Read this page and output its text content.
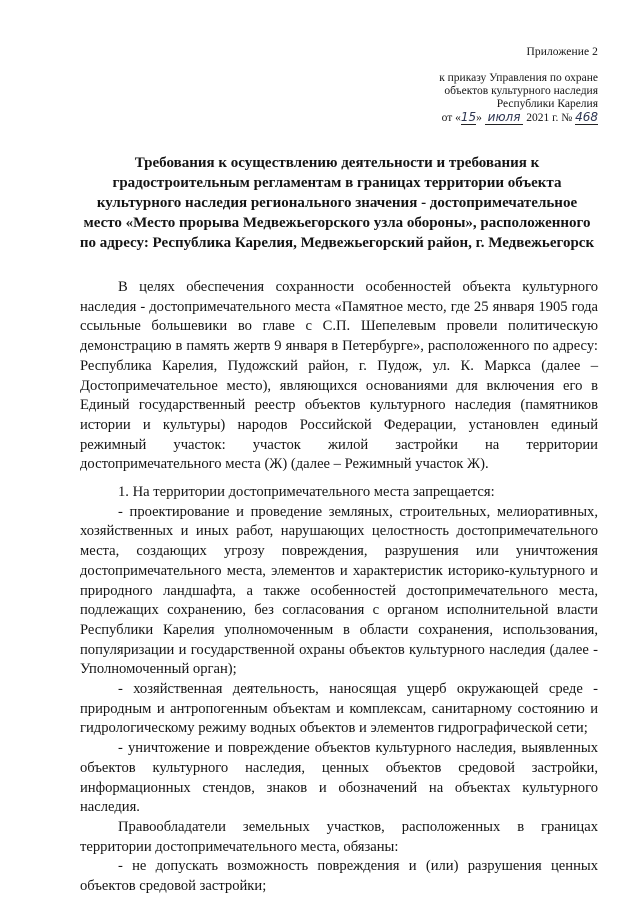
Приложение 2
к приказу Управления по охране
объектов культурного наследия
Республики Карелия
от «15» июля 2021 г. № 468
Требования к осуществлению деятельности и требования к градостроительным регламентам в границах территории объекта культурного наследия регионального значения - достопримечательное место «Место прорыва Медвежьегорского узла обороны», расположенного по адресу: Республика Карелия, Медвежьегорский район, г. Медвежьегорск

В целях обеспечения сохранности особенностей объекта культурного наследия - достопримечательного места «Памятное место, где 25 января 1905 года ссыльные большевики во главе с С.П. Шепелевым провели политическую демонстрацию в память жертв 9 января в Петербурге», расположенного по адресу: Республика Карелия, Пудожский район, г. Пудож, ул. К. Маркса (далее – Достопримечательное место), являющихся основаниями для включения его в Единый государственный реестр объектов культурного наследия (памятников истории и культуры) народов Российской Федерации, установлен единый режимный участок: участок жилой застройки на территории достопримечательного места (Ж) (далее – Режимный участок Ж).

1. На территории достопримечательного места запрещается:

- проектирование и проведение земляных, строительных, мелиоративных, хозяйственных и иных работ, нарушающих целостность достопримечательного места, создающих угрозу повреждения, разрушения или уничтожения достопримечательного места, элементов и характеристик историко-культурного и природного ландшафта, а также особенностей достопримечательного места, подлежащих сохранению, без согласования с органом исполнительной власти Республики Карелия уполномоченным в области сохранения, использования, популяризации и государственной охраны объектов культурного наследия (далее - Уполномоченный орган);

- хозяйственная деятельность, наносящая ущерб окружающей среде - природным и антропогенным объектам и комплексам, санитарному состоянию и гидрологическому режиму водных объектов и элементов гидрографической сети;

- уничтожение и повреждение объектов культурного наследия, выявленных объектов культурного наследия, ценных объектов средовой застройки, информационных стендов, знаков и обозначений на объектах культурного наследия.

Правообладатели земельных участков, расположенных в границах территории достопримечательного места, обязаны:

- не допускать возможность повреждения и (или) разрушения ценных объектов средовой застройки;
